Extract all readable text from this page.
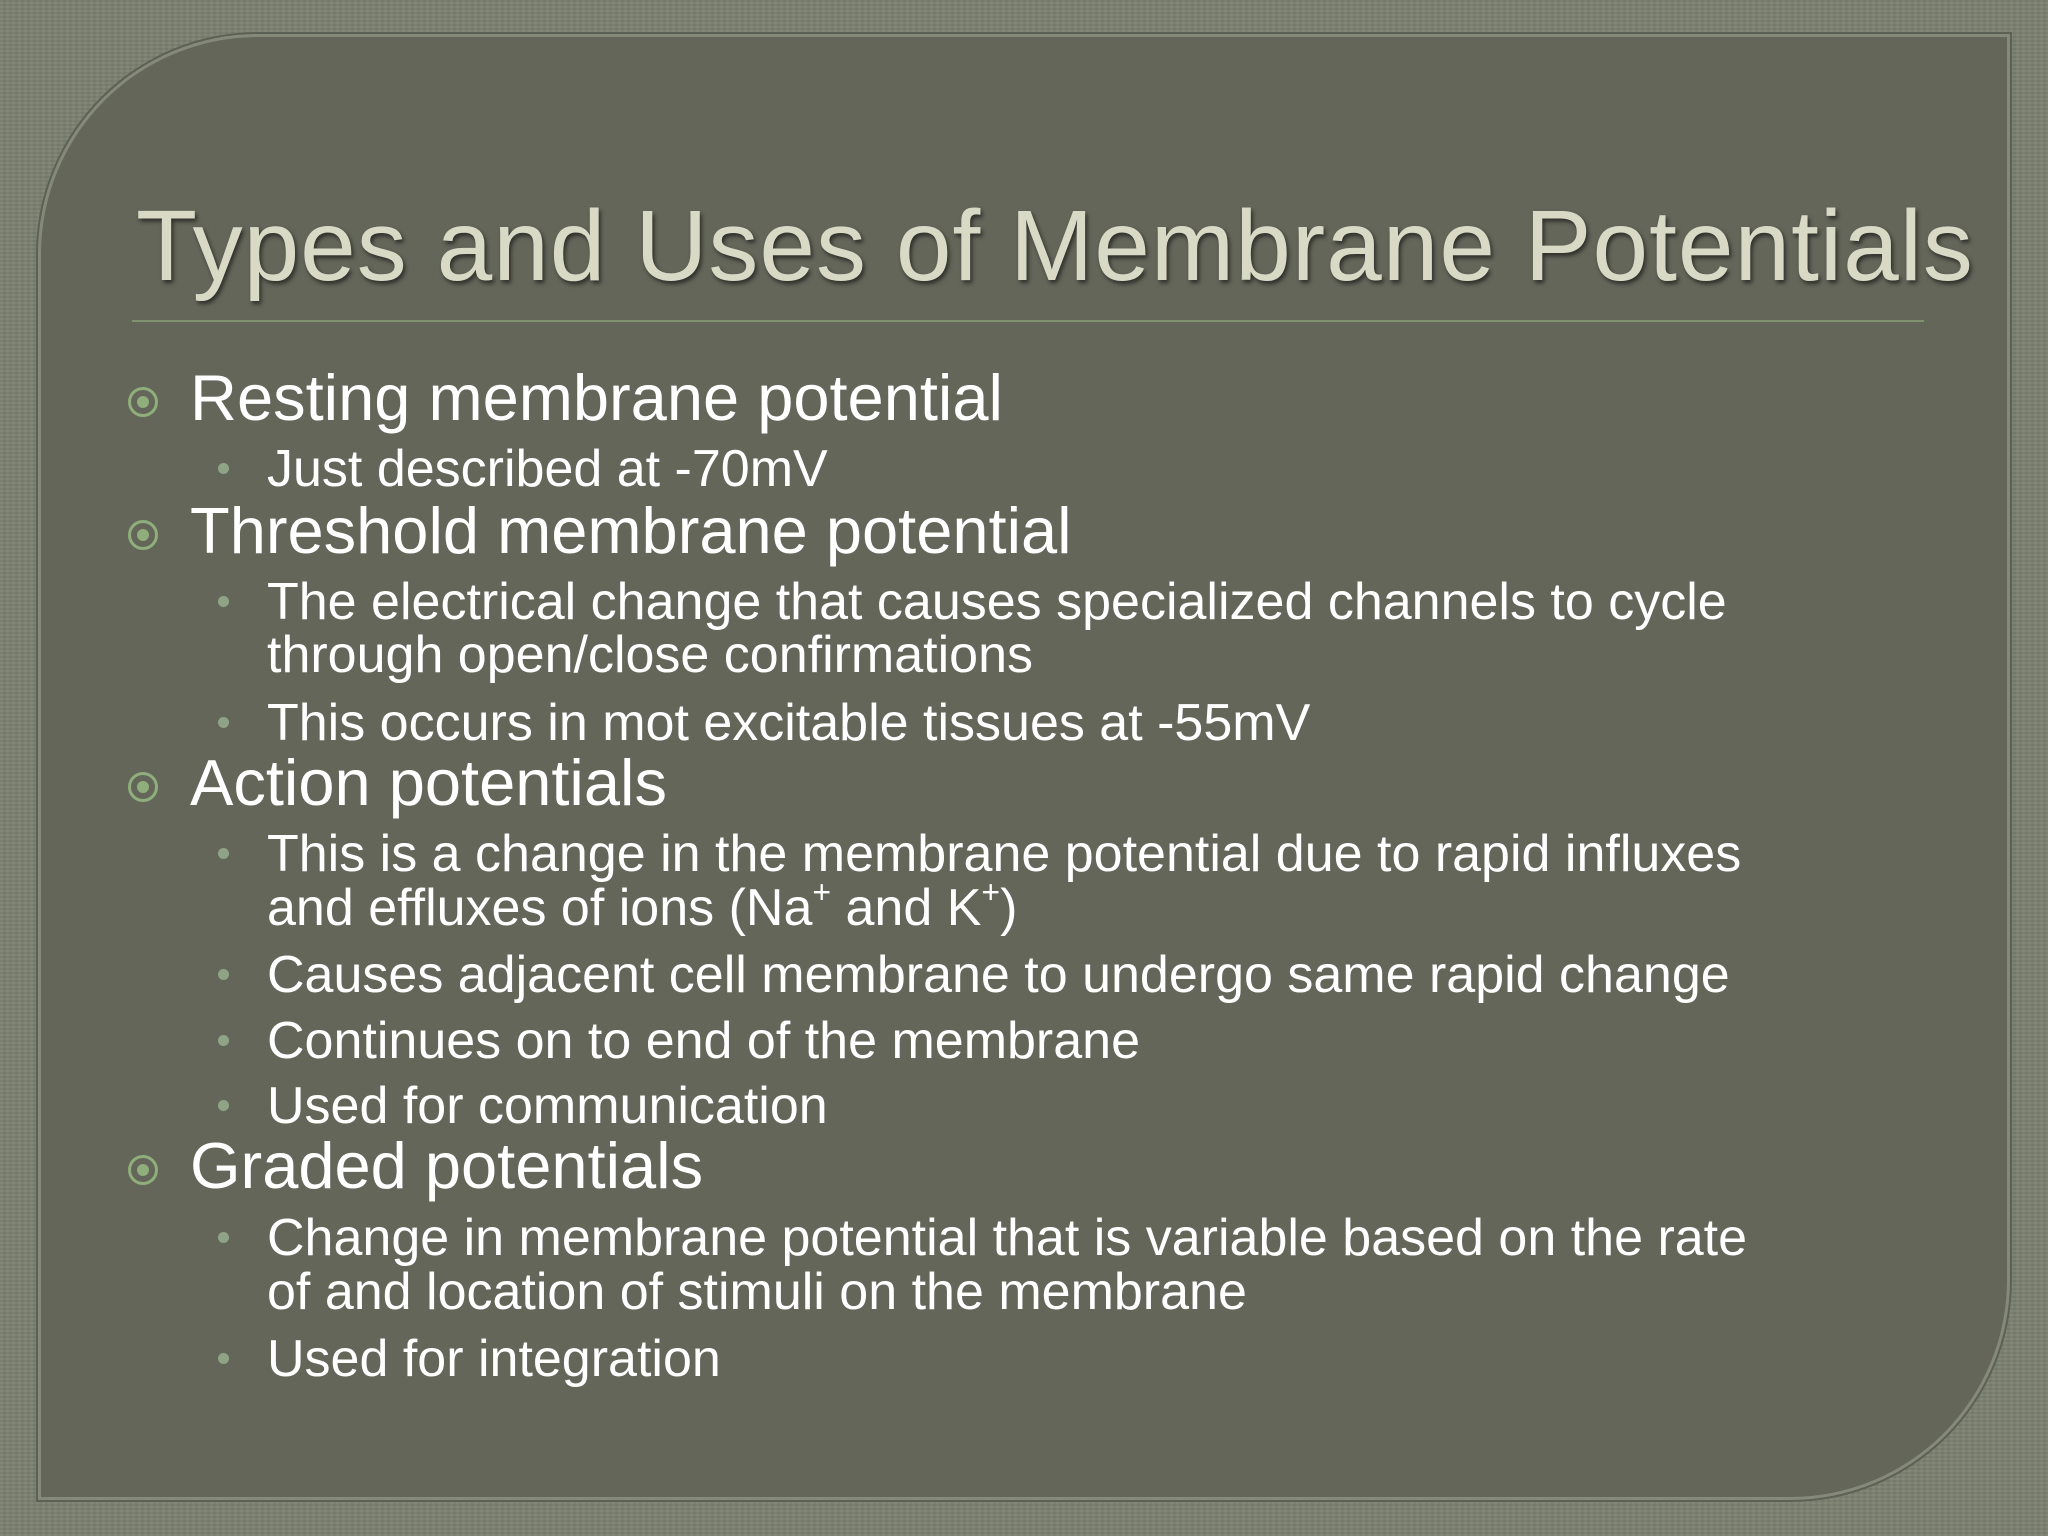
Types and Uses of Membrane Potentials
Resting membrane potential
Just described at -70mV
Threshold membrane potential
The electrical change that causes specialized channels to cycle
through open/close confirmations
This occurs in mot excitable tissues at -55mV
Action potentials
This is a change in the membrane potential due to rapid influxes
and effluxes of ions (Na+ and K+)
Causes adjacent cell membrane to undergo same rapid change
Continues on to end of the membrane
Used for communication
Graded potentials
Change in membrane potential that is variable based on the rate
of and location of stimuli on the membrane
Used for integration
